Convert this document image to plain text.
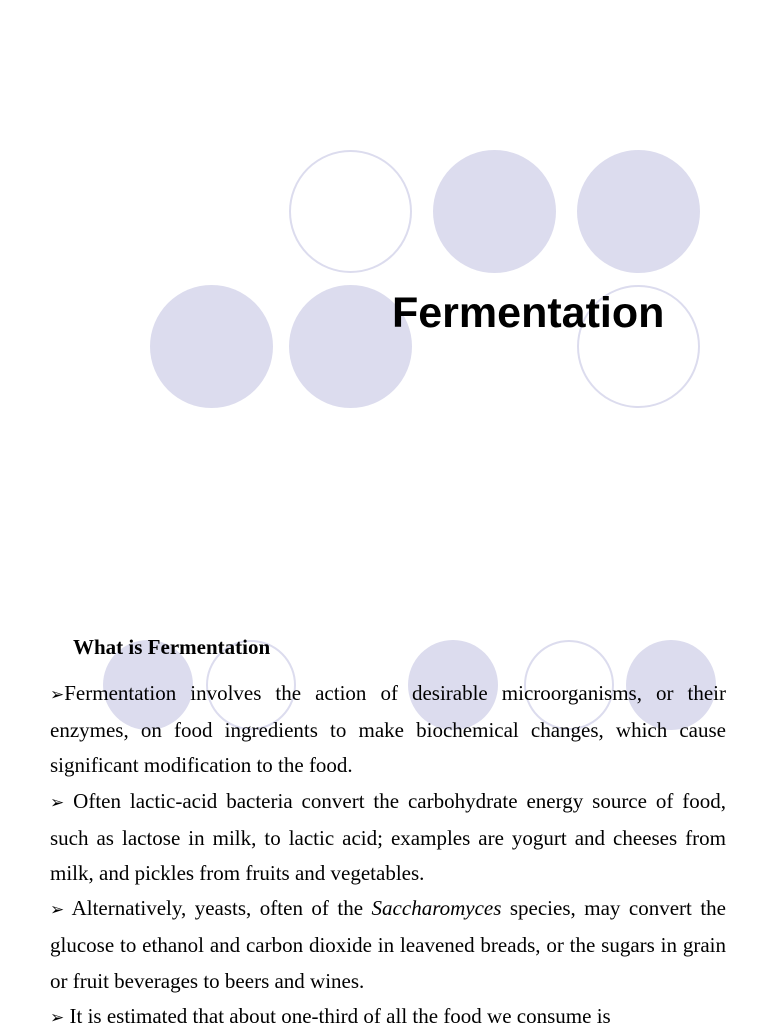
Fermentation
What is Fermentation

➢Fermentation involves the action of desirable microorganisms, or their enzymes, on food ingredients to make biochemical changes, which cause significant modification to the food.

➢ Often lactic-acid bacteria convert the carbohydrate energy source of food, such as lactose in milk, to lactic acid; examples are yogurt and cheeses from milk, and pickles from fruits and vegetables.

➢ Alternatively, yeasts, often of the Saccharomyces species, may convert the glucose to ethanol and carbon dioxide in leavened breads, or the sugars in grain or fruit beverages to beers and wines.

➢ It is estimated that about one-third of all the food we consume is
